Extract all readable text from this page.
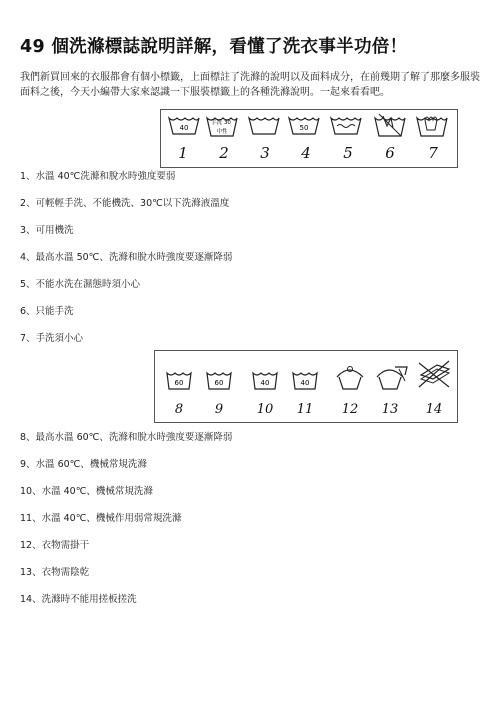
49 個洗滌標誌說明詳解，看懂了洗衣事半功倍！
我們新買回來的衣服都會有個小標籤，上面標註了洗滌的說明以及面料成分，在前幾期了解了那麼多服裝面料之後，今天小編帶大家來認識一下服裝標籤上的各種洗滌說明。一起來看看吧。
40
手洗 30
中性	50
1 2 3 4 5 6 7
1、水溫 40℃洗滌和脫水時強度要弱
2、可輕輕手洗、不能機洗、30℃以下洗滌液溫度
3、可用機洗
4、最高水溫 50℃、洗滌和脫水時強度要逐漸降弱
5、不能水洗在濕態時須小心
6、只能手洗
7、手洗須小心
60	60	40	40
8 9	10 11 12 13 14
8、最高水溫 60℃、洗滌和脫水時強度要逐漸降弱
9、水溫 60℃、機械常規洗滌
10、水溫 40℃、機械常規洗滌
11、水溫 40℃、機械作用弱常規洗滌
12、衣物需掛干
13、衣物需陰乾
14、洗滌時不能用搓板搓洗
